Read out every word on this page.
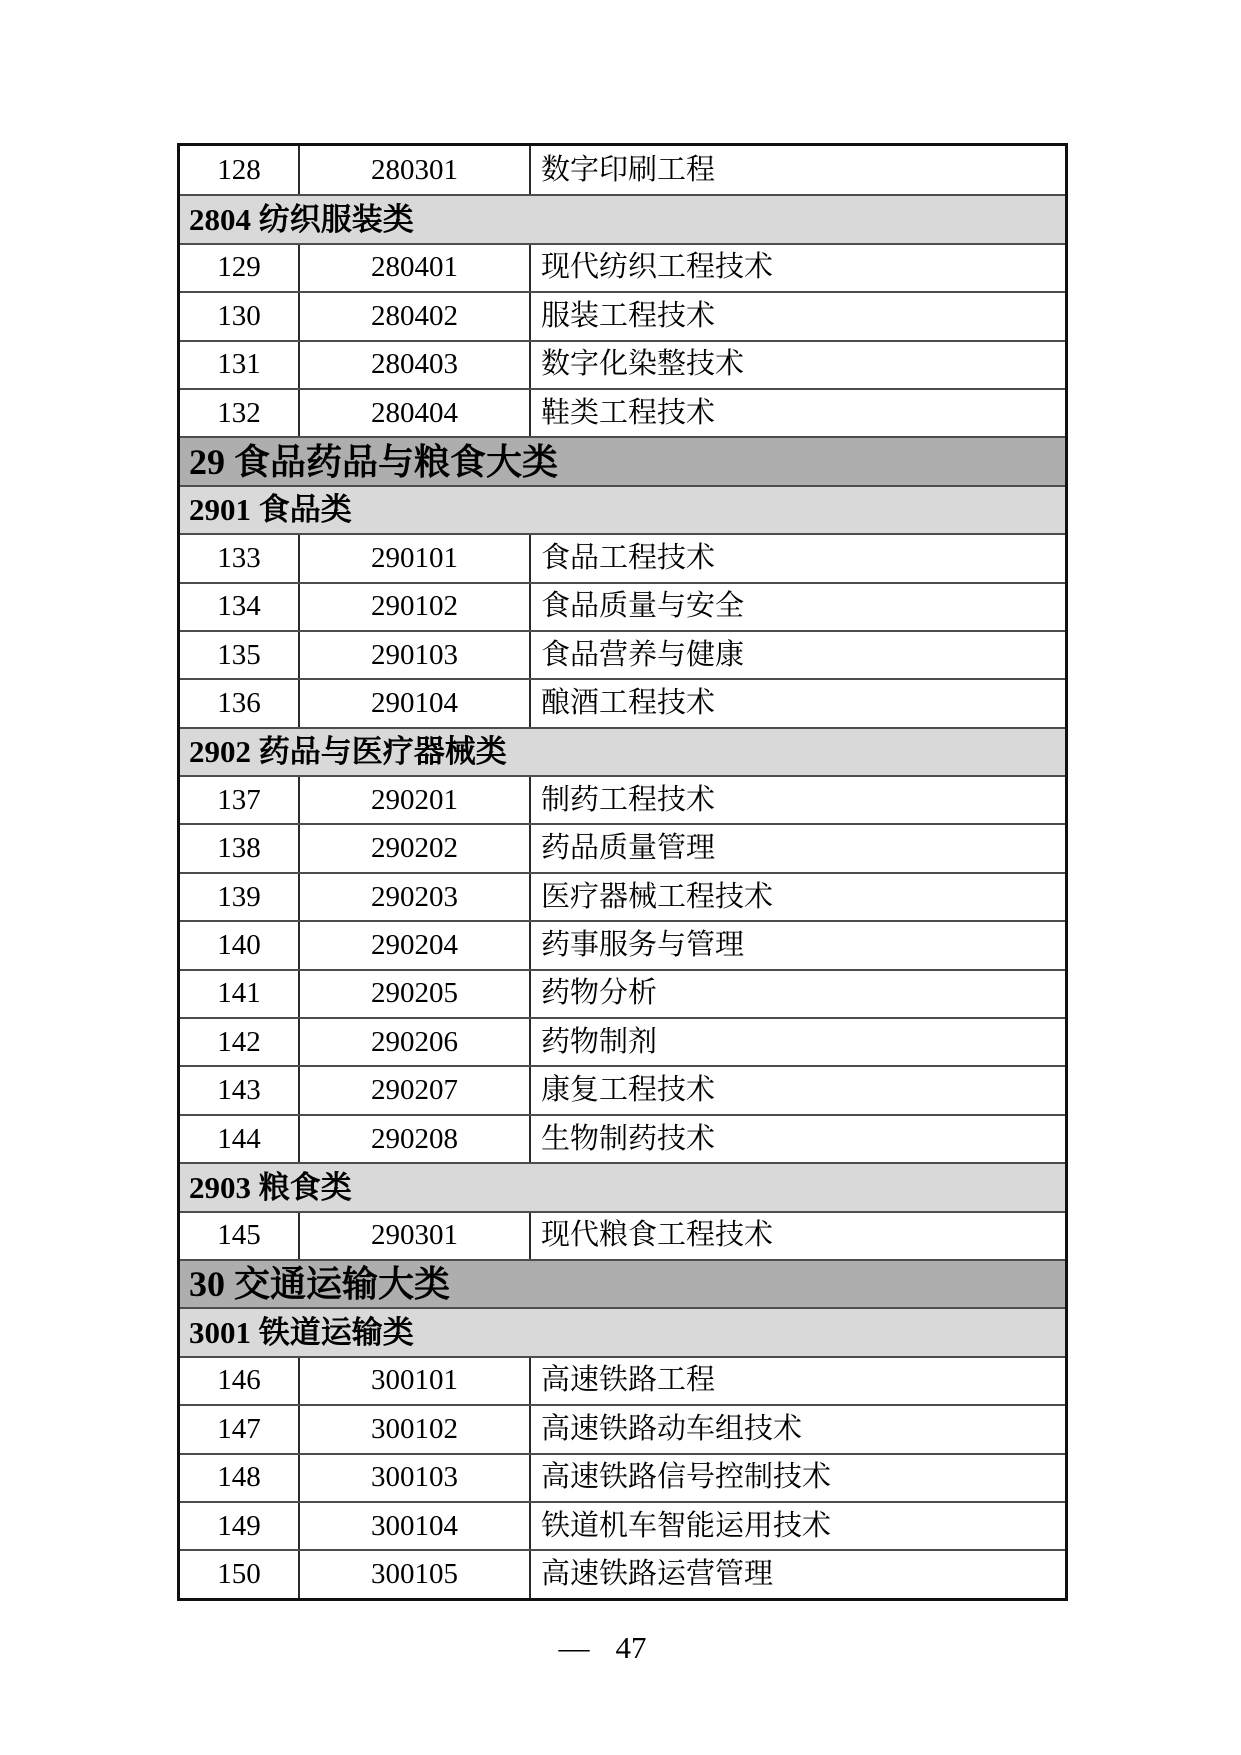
128	280301	数字印刷工程
2804 纺织服装类
129	280401	现代纺织工程技术
130	280402	服装工程技术
131	280403	数字化染整技术
132	280404	鞋类工程技术
29 食品药品与粮食大类
2901 食品类
133	290101	食品工程技术
134	290102	食品质量与安全
135	290103	食品营养与健康
136	290104	酿酒工程技术
2902 药品与医疗器械类
137	290201	制药工程技术
138	290202	药品质量管理
139	290203	医疗器械工程技术
140	290204	药事服务与管理
141	290205	药物分析
142	290206	药物制剂
143	290207	康复工程技术
144	290208	生物制药技术
2903 粮食类
145	290301	现代粮食工程技术
30 交通运输大类
3001 铁道运输类
146	300101	高速铁路工程
147	300102	高速铁路动车组技术
148	300103	高速铁路信号控制技术
149	300104	铁道机车智能运用技术
150	300105	高速铁路运营管理
— 47
